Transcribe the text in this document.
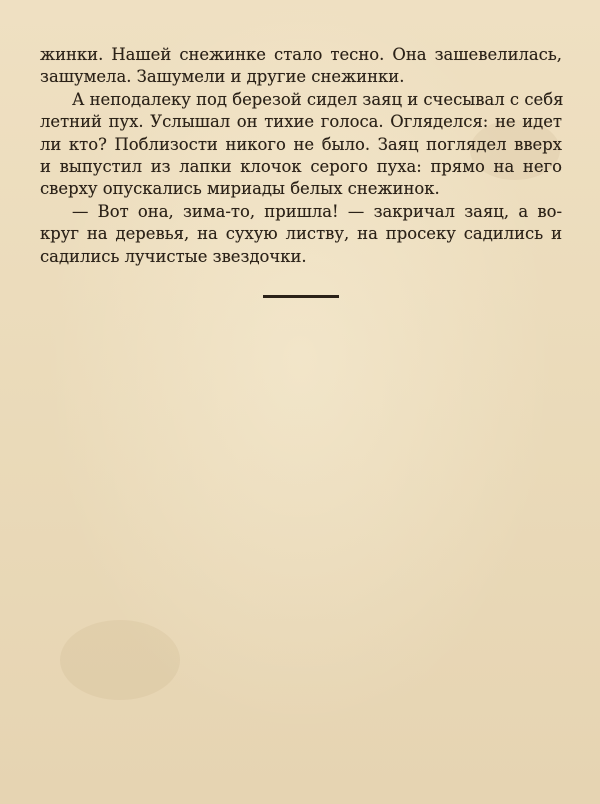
жинки. Нашей снежинке стало тесно. Она зашевелилась,
зашумела. Зашумели и другие снежинки.
А неподалеку под березой сидел заяц и счесывал с себя
летний пух. Услышал он тихие голоса. Огляделся: не идет
ли кто? Поблизости никого не было. Заяц поглядел вверх
и выпустил из лапки клочок серого пуха: прямо на него
сверху опускались мириады белых снежинок.
— Вот она, зима-то, пришла! — закричал заяц, а во-
круг на деревья, на сухую листву, на просеку садились и
садились лучистые звездочки.
